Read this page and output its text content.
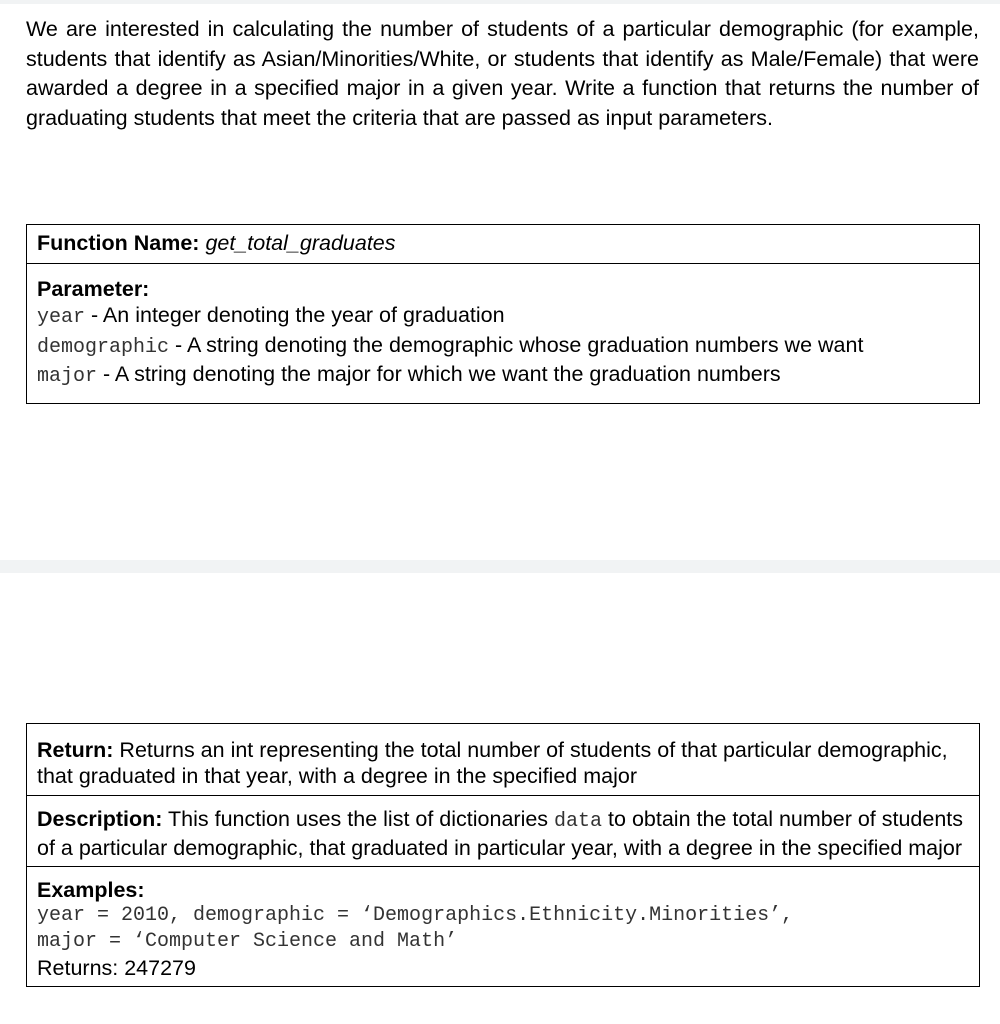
We are interested in calculating the number of students of a particular demographic (for example, students that identify as Asian/Minorities/White, or students that identify as Male/Female) that were awarded a degree in a specified major in a given year. Write a function that returns the number of graduating students that meet the criteria that are passed as input parameters.

Function Name: get_total_graduates
Parameter:
year - An integer denoting the year of graduation
demographic - A string denoting the demographic whose graduation numbers we want
major - A string denoting the major for which we want the graduation numbers
Return: Returns an int representing the total number of students of that particular demographic, that graduated in that year, with a degree in the specified major
Description: This function uses the list of dictionaries data to obtain the total number of students of a particular demographic, that graduated in particular year, with a degree in the specified major
Examples:
year = 2010, demographic = ‘Demographics.Ethnicity.Minorities’,
major = ‘Computer Science and Math’
Returns: 247279
